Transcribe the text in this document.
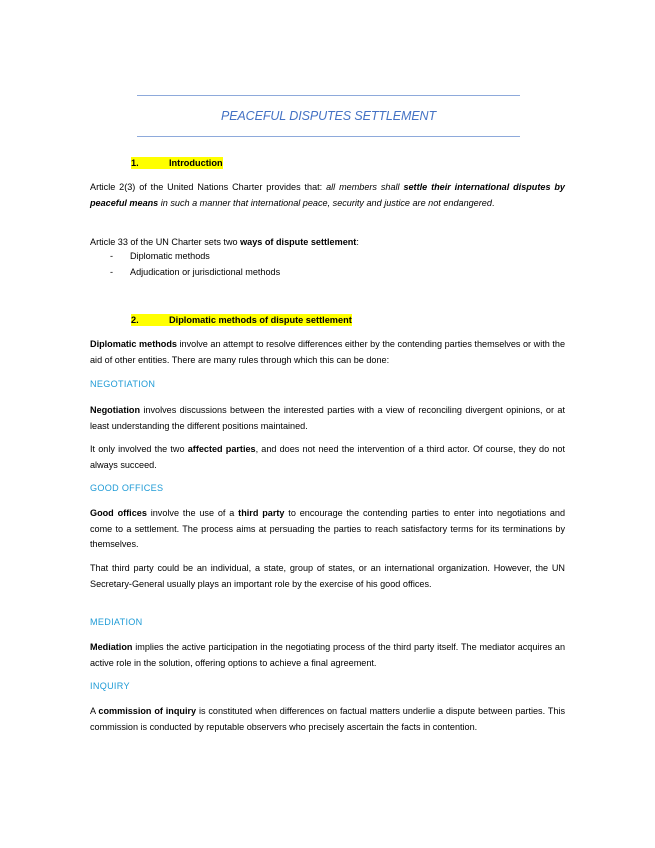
PEACEFUL DISPUTES SETTLEMENT
1.	Introduction
Article 2(3) of the United Nations Charter provides that: all members shall settle their international disputes by peaceful means in such a manner that international peace, security and justice are not endangered.
Article 33 of the UN Charter sets two ways of dispute settlement:
- Diplomatic methods
- Adjudication or jurisdictional methods
2.	Diplomatic methods of dispute settlement
Diplomatic methods involve an attempt to resolve differences either by the contending parties themselves or with the aid of other entities. There are many rules through which this can be done:
NEGOTIATION
Negotiation involves discussions between the interested parties with a view of reconciling divergent opinions, or at least understanding the different positions maintained.
It only involved the two affected parties, and does not need the intervention of a third actor. Of course, they do not always succeed.
GOOD OFFICES
Good offices involve the use of a third party to encourage the contending parties to enter into negotiations and come to a settlement. The process aims at persuading the parties to reach satisfactory terms for its terminations by themselves.
That third party could be an individual, a state, group of states, or an international organization. However, the UN Secretary-General usually plays an important role by the exercise of his good offices.
MEDIATION
Mediation implies the active participation in the negotiating process of the third party itself. The mediator acquires an active role in the solution, offering options to achieve a final agreement.
INQUIRY
A commission of inquiry is constituted when differences on factual matters underlie a dispute between parties. This commission is conducted by reputable observers who precisely ascertain the facts in contention.
